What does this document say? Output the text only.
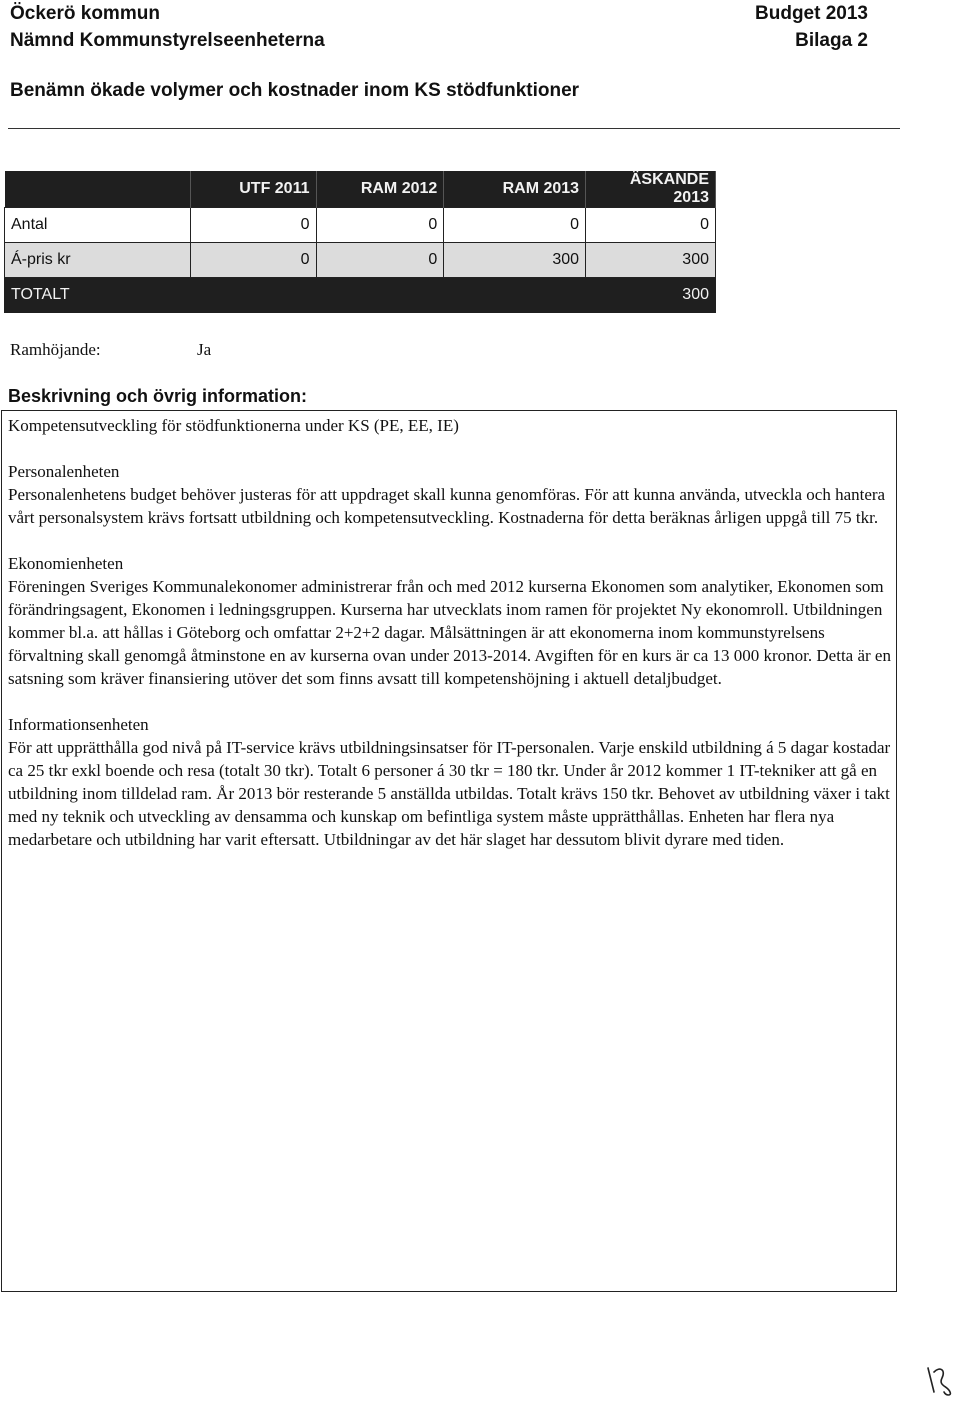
Öckerö kommun
Nämnd Kommunstyrelseenheterna
Budget 2013
Bilaga 2
Benämn ökade volymer och kostnader inom KS stödfunktioner
	UTF 2011	RAM 2012	RAM 2013	ÄSKANDE 2013
Antal	0	0	0	0
Á-pris kr	0	0	300	300
TOTALT				300
Ramhöjande:	Ja
Beskrivning och övrig information:

Kompetensutveckling för stödfunktionerna under KS (PE, EE, IE)

Personalenheten
Personalenhetens budget behöver justeras för att uppdraget skall kunna genomföras. För att kunna använda, utveckla och hantera vårt personalsystem krävs fortsatt utbildning och kompetensutveckling. Kostnaderna för detta beräknas årligen uppgå till 75 tkr.

Ekonomienheten
Föreningen Sveriges Kommunalekonomer administrerar från och med 2012 kurserna Ekonomen som analytiker, Ekonomen som förändringsagent, Ekonomen i ledningsgruppen. Kurserna har utvecklats inom ramen för projektet Ny ekonomroll. Utbildningen kommer bl.a. att hållas i Göteborg och omfattar 2+2+2 dagar. Målsättningen är att ekonomerna inom kommunstyrelsens förvaltning skall genomgå åtminstone en av kurserna ovan under 2013-2014. Avgiften för en kurs är ca 13 000 kronor. Detta är en satsning som kräver finansiering utöver det som finns avsatt till kompetenshöjning i aktuell detaljbudget.

Informationsenheten
För att upprätthålla god nivå på IT-service krävs utbildningsinsatser för IT-personalen. Varje enskild utbildning á 5 dagar kostadar ca 25 tkr exkl boende och resa (totalt 30 tkr). Totalt 6 personer á 30 tkr = 180 tkr. Under år 2012 kommer 1 IT-tekniker att gå en utbildning inom tilldelad ram. År 2013 bör resterande 5 anställda utbildas. Totalt krävs 150 tkr. Behovet av utbildning växer i takt med ny teknik och utveckling av densamma och kunskap om befintliga system måste upprätthållas. Enheten har flera nya medarbetare och utbildning har varit eftersatt. Utbildningar av det här slaget har dessutom blivit dyrare med tiden.
